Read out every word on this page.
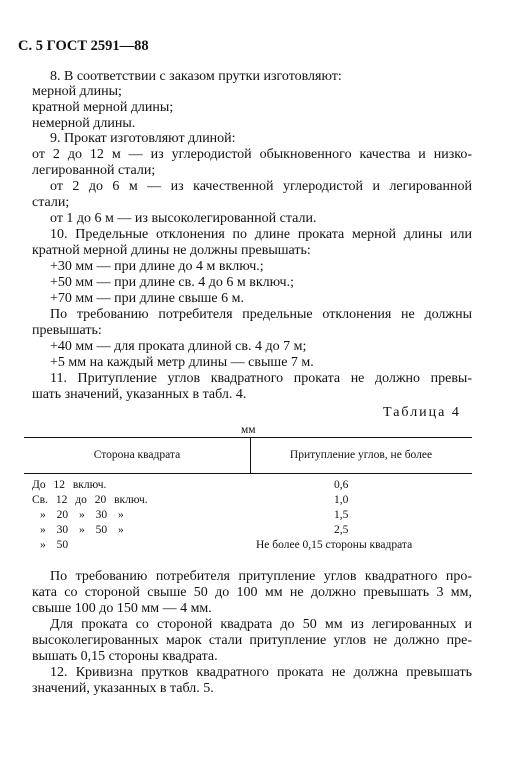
С. 5 ГОСТ 2591—88
8. В соответствии с заказом прутки изготовляют:
мерной длины;
кратной мерной длины;
немерной длины.
9. Прокат изготовляют длиной:
от 2 до 12 м — из углеродистой обыкновенного качества и низко-
легированной стали;
от 2 до 6 м — из качественной углеродистой и легированной
стали;
от 1 до 6 м — из высоколегированной стали.
10. Предельные отклонения по длине проката мерной длины или
кратной мерной длины не должны превышать:
+30 мм — при длине до 4 м включ.;
+50 мм — при длине св. 4 до 6 м включ.;
+70 мм — при длине свыше 6 м.
По требованию потребителя предельные отклонения не должны
превышать:
+40 мм — для проката длиной св. 4 до 7 м;
+5 мм на каждый метр длины — свыше 7 м.
11. Притупление углов квадратного проката не должно превы-
шать значений, указанных в табл. 4.
Таблица 4
мм
Сторона квадрата	Притупление углов, не более
До 12 включ.	0,6
Св. 12 до 20 включ.	1,0
» 20 » 30 »	1,5
» 30 » 50 »	2,5
» 50	Не более 0,15 стороны квадрата
По требованию потребителя притупление углов квадратного про-
ката со стороной свыше 50 до 100 мм не должно превышать 3 мм,
свыше 100 до 150 мм — 4 мм.
Для проката со стороной квадрата до 50 мм из легированных и
высоколегированных марок стали притупление углов не должно пре-
вышать 0,15 стороны квадрата.
12. Кривизна прутков квадратного проката не должна превышать
значений, указанных в табл. 5.
